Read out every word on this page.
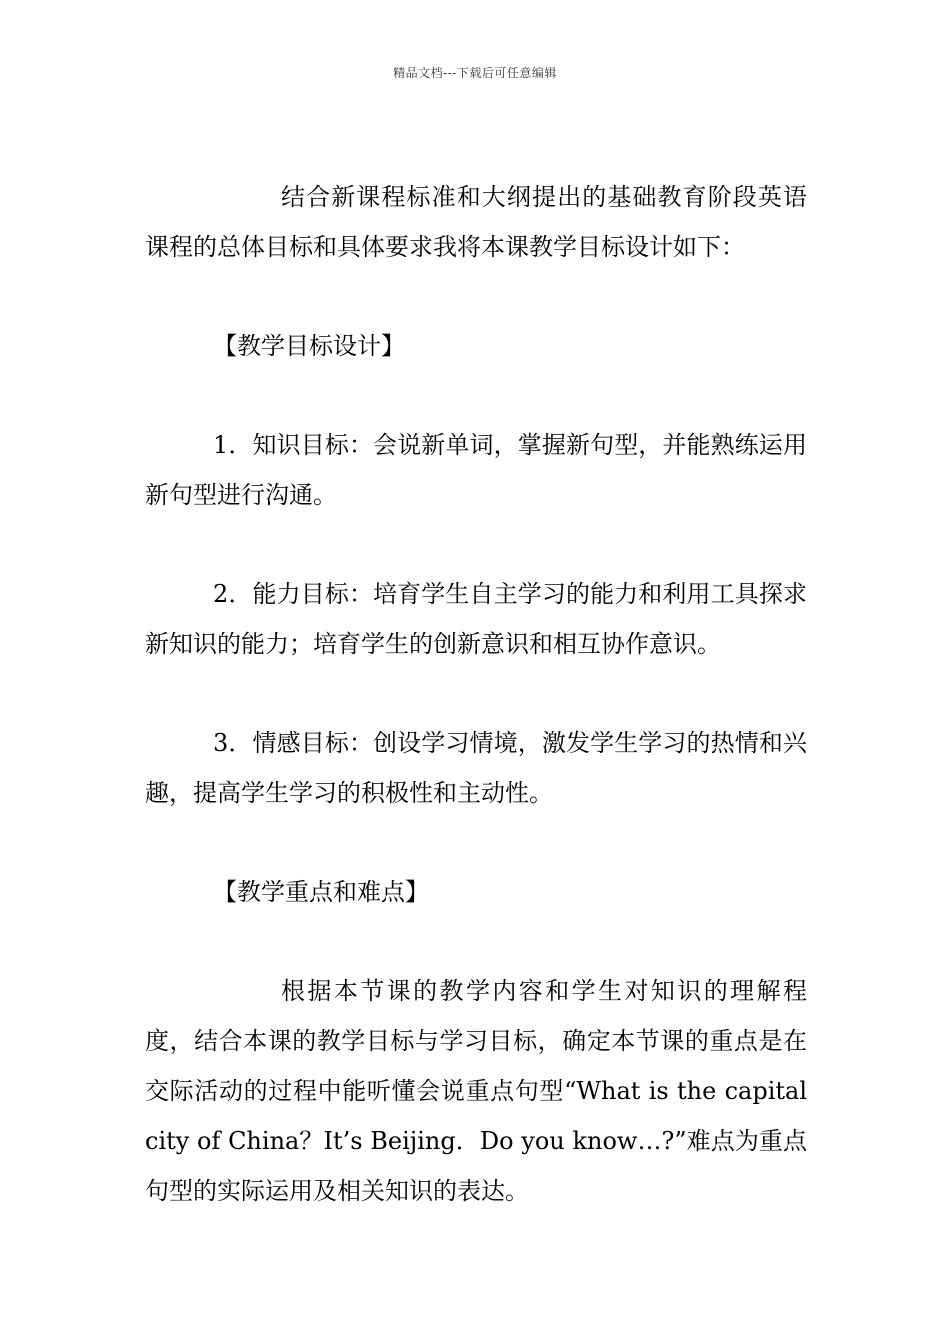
精品文档---下载后可任意编辑

结合新课程标准和大纲提出的基础教育阶段英语课程的总体目标和具体要求我将本课教学目标设计如下：

【教学目标设计】

1．知识目标：会说新单词，掌握新句型，并能熟练运用新句型进行沟通。

2．能力目标：培育学生自主学习的能力和利用工具探求新知识的能力；培育学生的创新意识和相互协作意识。

3．情感目标：创设学习情境，激发学生学习的热情和兴趣，提高学生学习的积极性和主动性。

【教学重点和难点】

根据本节课的教学内容和学生对知识的理解程度，结合本课的教学目标与学习目标，确定本节课的重点是在交际活动的过程中能听懂会说重点句型“What is the capital city of China？It’s Beijing．Do you know…?”难点为重点句型的实际运用及相关知识的表达。
